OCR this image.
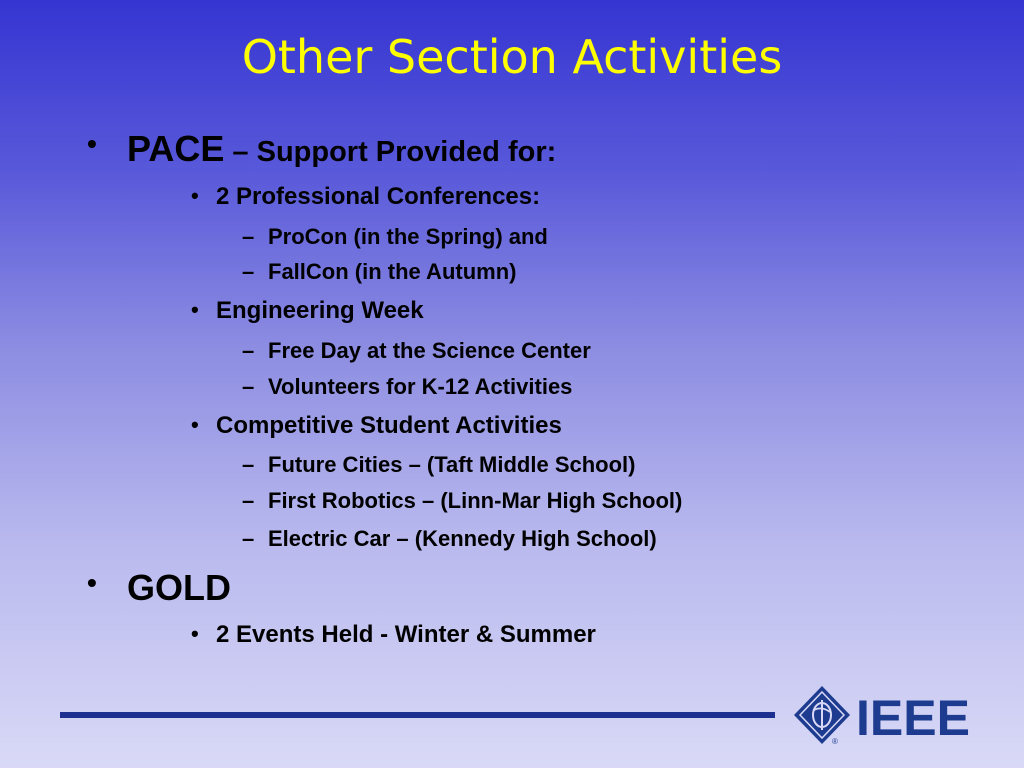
Other Section Activities
• PACE – Support Provided for:
• 2 Professional Conferences:
– ProCon (in the Spring) and
– FallCon (in the Autumn)
• Engineering Week
– Free Day at the Science Center
– Volunteers for K-12 Activities
• Competitive Student Activities
– Future Cities – (Taft Middle School)
– First Robotics – (Linn-Mar High School)
– Electric Car – (Kennedy High School)
• GOLD
• 2 Events Held - Winter & Summer
IEEE
®
